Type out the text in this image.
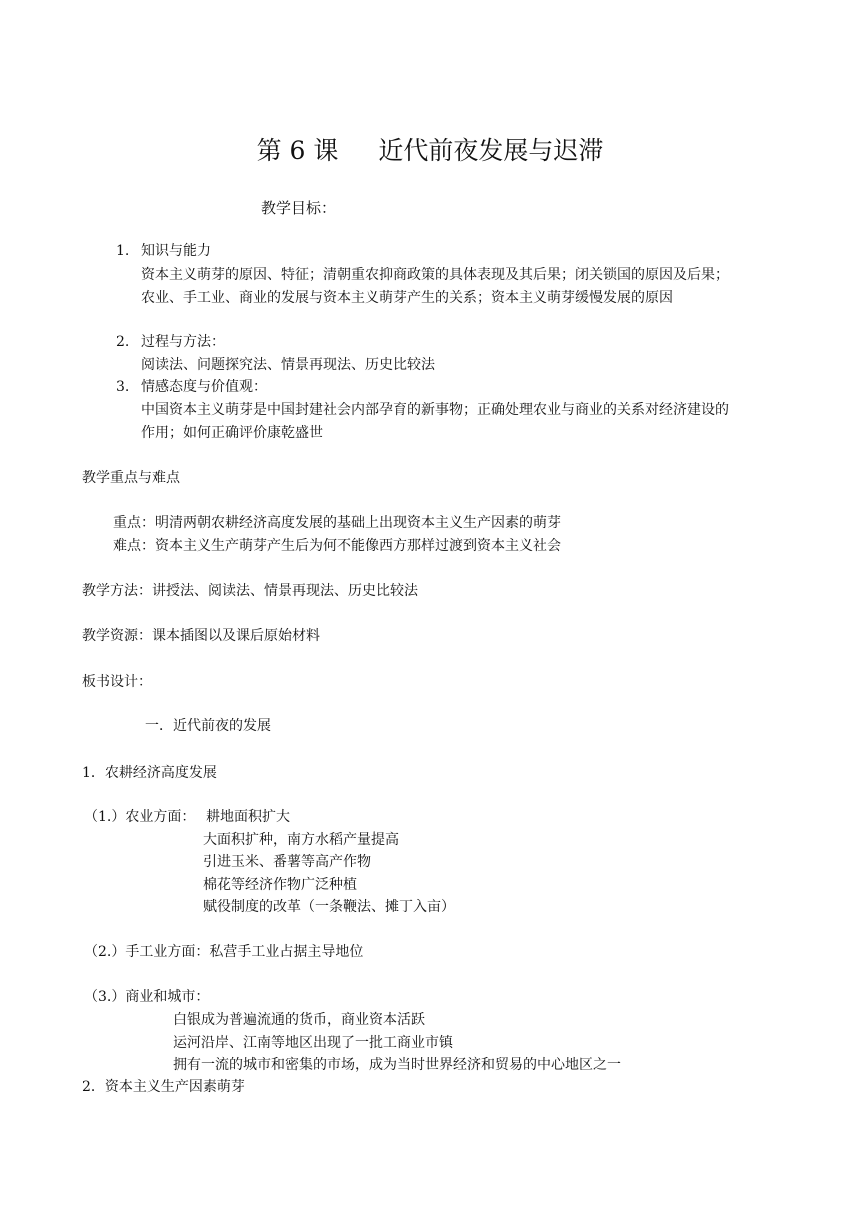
第 6 课 近代前夜发展与迟滞
教学目标：
1. 知识与能力
资本主义萌芽的原因、特征；清朝重农抑商政策的具体表现及其后果；闭关锁国的原因及后果；
农业、手工业、商业的发展与资本主义萌芽产生的关系；资本主义萌芽缓慢发展的原因
2. 过程与方法：
阅读法、问题探究法、情景再现法、历史比较法
3. 情感态度与价值观：
中国资本主义萌芽是中国封建社会内部孕育的新事物；正确处理农业与商业的关系对经济建设的
作用；如何正确评价康乾盛世
教学重点与难点
重点：明清两朝农耕经济高度发展的基础上出现资本主义生产因素的萌芽
难点：资本主义生产萌芽产生后为何不能像西方那样过渡到资本主义社会
教学方法：讲授法、阅读法、情景再现法、历史比较法
教学资源：课本插图以及课后原始材料
板书设计：
一．近代前夜的发展
1．农耕经济高度发展
（1.）农业方面： 耕地面积扩大
大面积扩种，南方水稻产量提高
引进玉米、番薯等高产作物
棉花等经济作物广泛种植
赋役制度的改革（一条鞭法、摊丁入亩）
（2.）手工业方面：私营手工业占据主导地位
（3.）商业和城市：
白银成为普遍流通的货币，商业资本活跃
运河沿岸、江南等地区出现了一批工商业市镇
拥有一流的城市和密集的市场，成为当时世界经济和贸易的中心地区之一
2．资本主义生产因素萌芽
